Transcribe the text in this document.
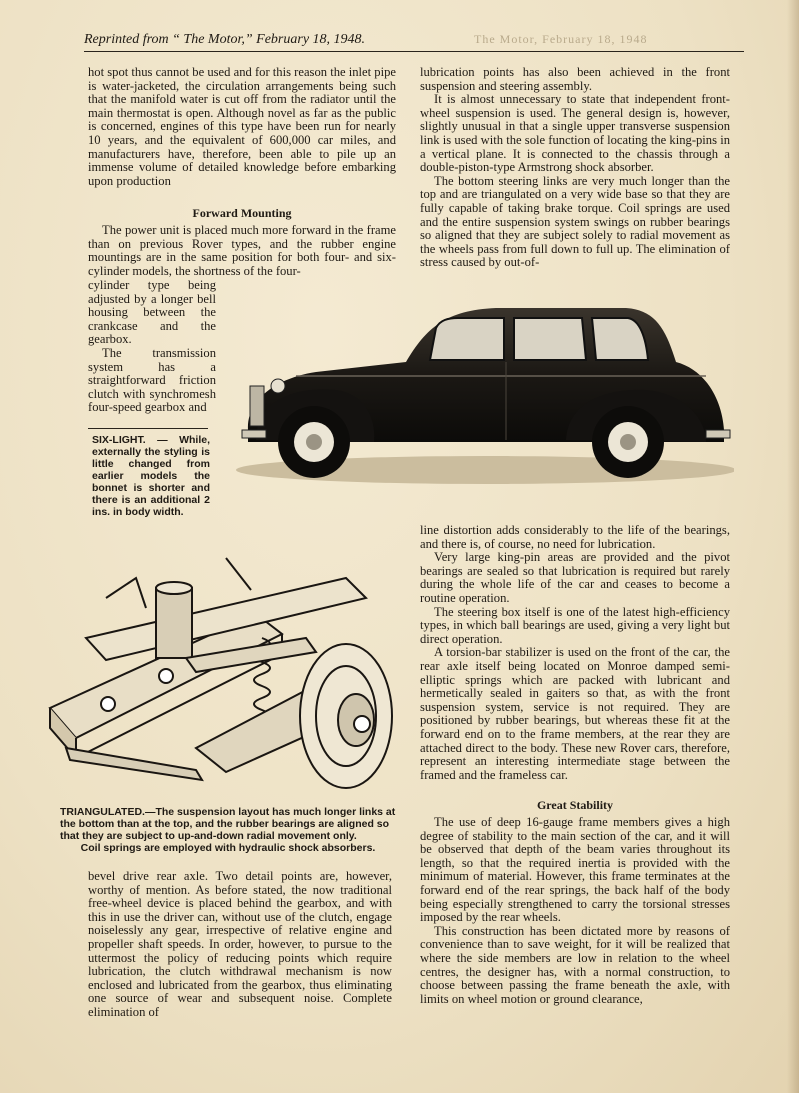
Reprinted from “ The Motor,” February 18, 1948.	The Motor, February 18, 1948

hot spot thus cannot be used and for this reason the inlet pipe is water-jacketed, the circulation arrangements being such that the manifold water is cut off from the radiator until the main thermostat is open. Although novel as far as the public is concerned, engines of this type have been run for nearly 10 years, and the equivalent of 600,000 car miles, and manufacturers have, therefore, been able to pile up an immense volume of detailed knowledge before embarking upon production

Forward Mounting

The power unit is placed much more forward in the frame than on previous Rover types, and the rubber engine mountings are in the same position for both four- and six-cylinder models, the shortness of the four-

cylinder type being adjusted by a longer bell housing between the crankcase and the gearbox.

The transmission system has a straightforward friction clutch with synchromesh four-speed gearbox and

lubrication points has also been achieved in the front suspension and steering assembly.

It is almost unnecessary to state that independent front-wheel suspension is used. The general design is, however, slightly unusual in that a single upper transverse suspension link is used with the sole function of locating the king-pins in a vertical plane. It is connected to the chassis through a double-piston-type Armstrong shock absorber.

The bottom steering links are very much longer than the top and are triangulated on a very wide base so that they are fully capable of taking brake torque. Coil springs are used and the entire suspension system swings on rubber bearings so aligned that they are subject solely to radial movement as the wheels pass from full down to full up. The elimination of stress caused by out-of-

SIX-LIGHT. — While, externally the styling is little changed from earlier models the bonnet is shorter and there is an additional 2 ins. in body width.
TRIANGULATED.—The suspension layout has much longer links at the bottom than at the top, and the rubber bearings are aligned so that they are subject to up-and-down radial movement only.
Coil springs are employed with hydraulic shock absorbers.

bevel drive rear axle. Two detail points are, however, worthy of mention. As before stated, the now traditional free-wheel device is placed behind the gearbox, and with this in use the driver can, without use of the clutch, engage noiselessly any gear, irrespective of relative engine and propeller shaft speeds. In order, however, to pursue to the uttermost the policy of reducing points which require lubrication, the clutch withdrawal mechanism is now enclosed and lubricated from the gearbox, thus eliminating one source of wear and subsequent noise. Complete elimination of

line distortion adds considerably to the life of the bearings, and there is, of course, no need for lubrication.

Very large king-pin areas are provided and the pivot bearings are sealed so that lubrication is required but rarely during the whole life of the car and ceases to become a routine operation.

The steering box itself is one of the latest high-efficiency types, in which ball bearings are used, giving a very light but direct operation.

A torsion-bar stabilizer is used on the front of the car, the rear axle itself being located on Monroe damped semi-elliptic springs which are packed with lubricant and hermetically sealed in gaiters so that, as with the front suspension system, service is not required. They are positioned by rubber bearings, but whereas these fit at the forward end on to the frame members, at the rear they are attached direct to the body. These new Rover cars, therefore, represent an interesting intermediate stage between the framed and the frameless car.

Great Stability

The use of deep 16-gauge frame members gives a high degree of stability to the main section of the car, and it will be observed that depth of the beam varies throughout its length, so that the required inertia is provided with the minimum of material. However, this frame terminates at the forward end of the rear springs, the back half of the body being especially strengthened to carry the torsional stresses imposed by the rear wheels.

This construction has been dictated more by reasons of convenience than to save weight, for it will be realized that where the side members are low in relation to the wheel centres, the designer has, with a normal construction, to choose between passing the frame beneath the axle, with limits on wheel motion or ground clearance,
